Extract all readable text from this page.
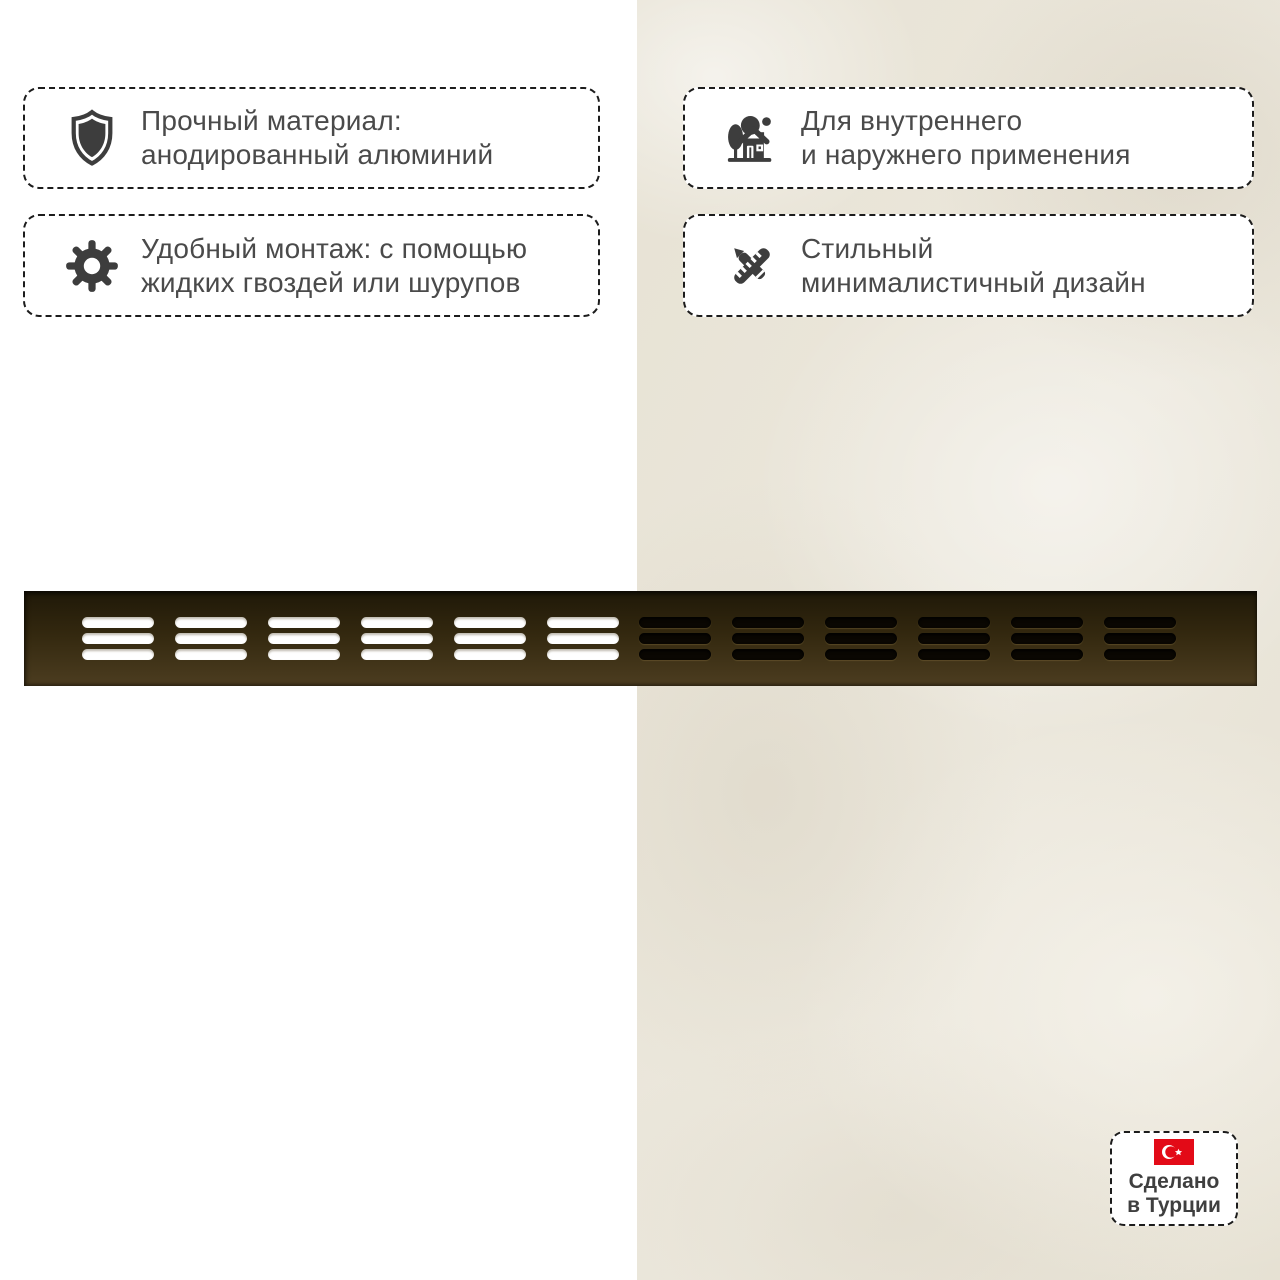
Прочный материал:
анодированный алюминий
Для внутреннего
и наружнего применения
Удобный монтаж: с помощью
жидких гвоздей или шурупов
Стильный
минималистичный дизайн
Сделано
в Турции
